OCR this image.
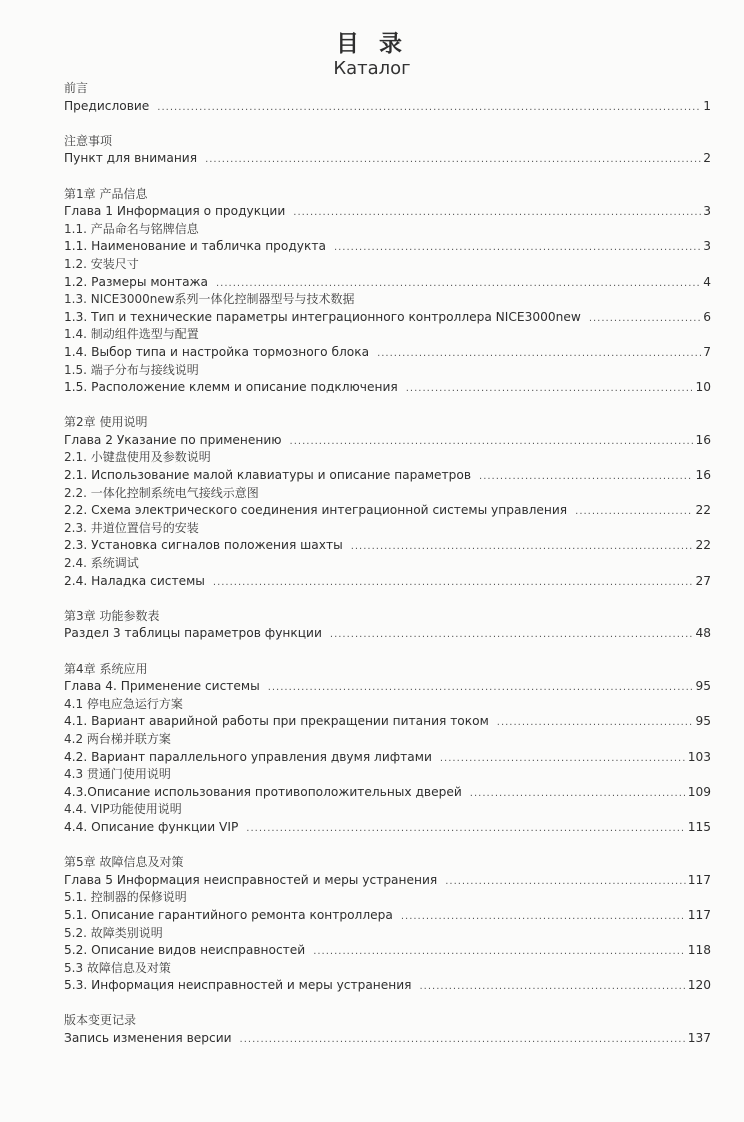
目 录
Каталог
前言
Предисловие .....	1
注意事项
Пункт для внимания .....	2
第1章 产品信息
Глава 1 Информация о продукции .....	3
1.1. 产品命名与铭牌信息
1.1. Наименование и табличка продукта .....	3
1.2. 安装尺寸
1.2. Размеры монтажа .....	4
1.3. NICE3000new系列一体化控制器型号与技术数据
1.3. Тип и технические параметры интеграционного контроллера NICE3000new .....	6
1.4. 制动组件选型与配置
1.4. Выбор типа и настройка тормозного блока .....	7
1.5. 端子分布与接线说明
1.5. Расположение клемм и описание подключения .....	10
第2章 使用说明
Глава 2 Указание по применению .....	16
2.1. 小键盘使用及参数说明
2.1. Использование малой клавиатуры и описание параметров .....	16
2.2. 一体化控制系统电气接线示意图
2.2. Схема электрического соединения интеграционной системы управления .....	22
2.3. 井道位置信号的安装
2.3. Установка сигналов положения шахты .....	22
2.4. 系统调试
2.4. Наладка системы .....	27
第3章 功能参数表
Раздел 3 таблицы параметров функции .....	48
第4章 系统应用
Глава 4. Применение системы .....	95
4.1 停电应急运行方案
4.1. Вариант аварийной работы при прекращении питания током .....	95
4.2 两台梯并联方案
4.2. Вариант параллельного управления двумя лифтами .....	103
4.3 贯通门使用说明
4.3.Описание использования противоположительных дверей .....	109
4.4. VIP功能使用说明
4.4. Описание функции VIP .....	115
第5章 故障信息及对策
Глава 5 Информация неисправностей и меры устранения .....	117
5.1. 控制器的保修说明
5.1. Описание гарантийного ремонта контроллера .....	117
5.2. 故障类别说明
5.2. Описание видов неисправностей .....	118
5.3 故障信息及对策
5.3. Информация неисправностей и меры устранения .....	120
版本变更记录
Запись изменения версии .....	137
